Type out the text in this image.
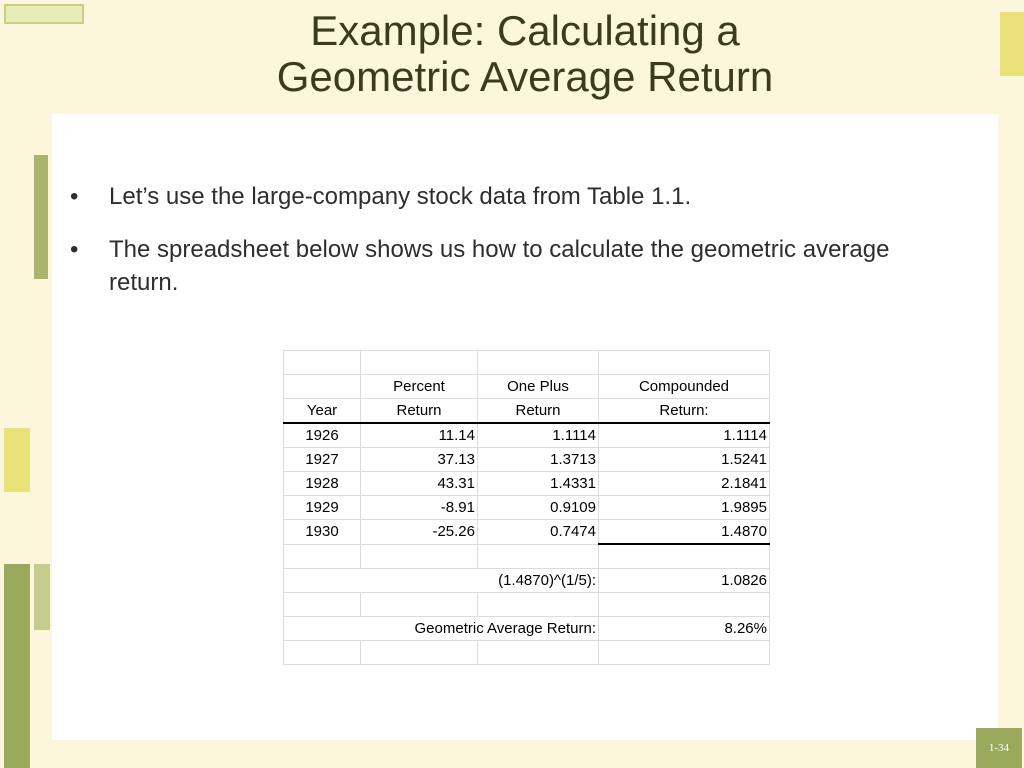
Example: Calculating a
Geometric Average Return
• Let’s use the large-company stock data from Table 1.1.
• The spreadsheet below shows us how to calculate the geometric average return.

	Percent	One Plus	Compounded
Year	Return	Return	Return:
1926	11.14	1.1114	1.1114
1927	37.13	1.3713	1.5241
1928	43.31	1.4331	2.1841
1929	-8.91	0.9109	1.9895
1930	-25.26	0.7474	1.4870

(1.4870)^(1/5):			1.0826

Geometric Average Return:			8.26%

1-34
